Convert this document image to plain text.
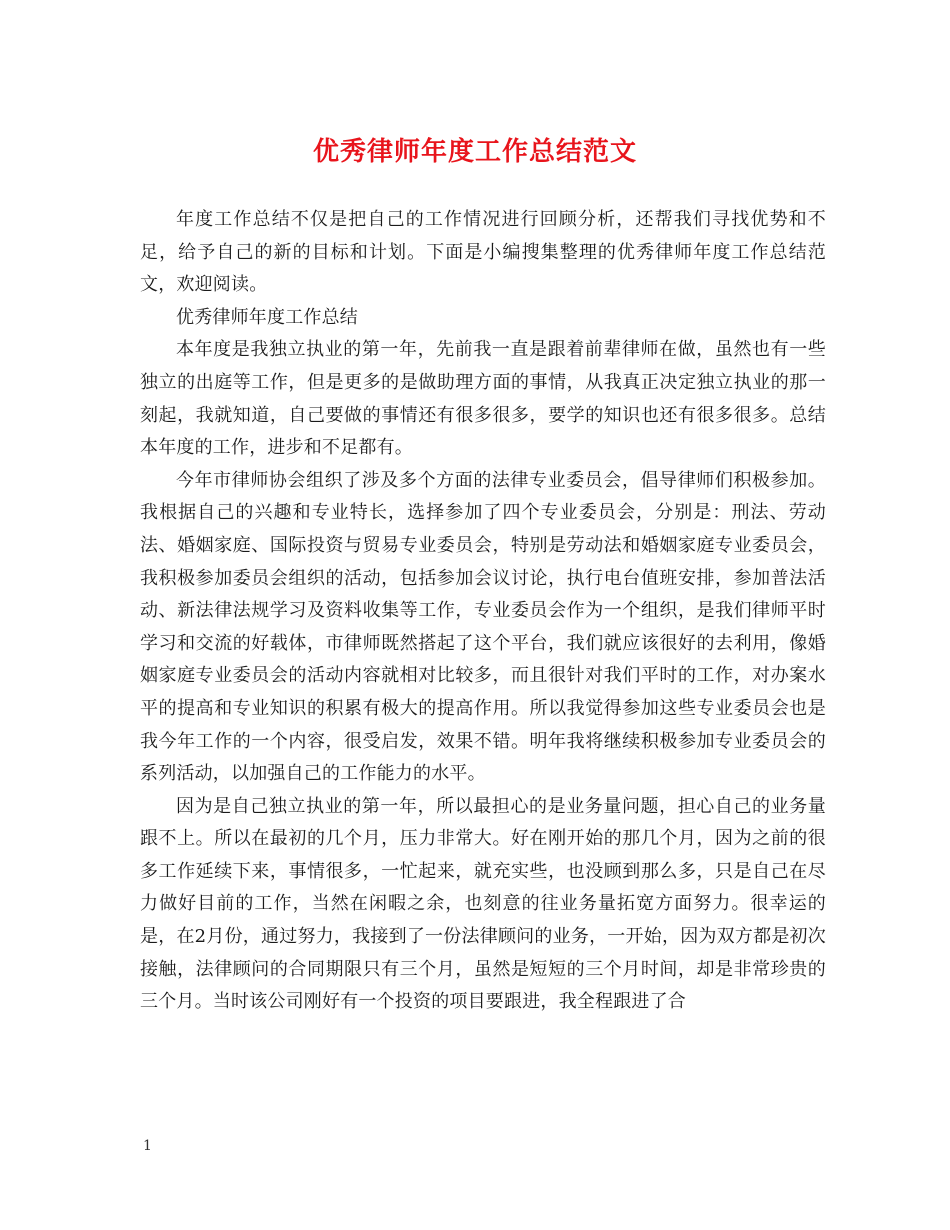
优秀律师年度工作总结范文

年度工作总结不仅是把自己的工作情况进行回顾分析，还帮我们寻找优势和不足，给予自己的新的目标和计划。下面是小编搜集整理的优秀律师年度工作总结范文，欢迎阅读。

优秀律师年度工作总结

本年度是我独立执业的第一年，先前我一直是跟着前辈律师在做，虽然也有一些独立的出庭等工作，但是更多的是做助理方面的事情，从我真正决定独立执业的那一刻起，我就知道，自己要做的事情还有很多很多，要学的知识也还有很多很多。总结本年度的工作，进步和不足都有。

今年市律师协会组织了涉及多个方面的法律专业委员会，倡导律师们积极参加。我根据自己的兴趣和专业特长，选择参加了四个专业委员会，分别是：刑法、劳动法、婚姻家庭、国际投资与贸易专业委员会，特别是劳动法和婚姻家庭专业委员会，我积极参加委员会组织的活动，包括参加会议讨论，执行电台值班安排，参加普法活动、新法律法规学习及资料收集等工作，专业委员会作为一个组织，是我们律师平时学习和交流的好载体，市律师既然搭起了这个平台，我们就应该很好的去利用，像婚姻家庭专业委员会的活动内容就相对比较多，而且很针对我们平时的工作，对办案水平的提高和专业知识的积累有极大的提高作用。所以我觉得参加这些专业委员会也是我今年工作的一个内容，很受启发，效果不错。明年我将继续积极参加专业委员会的系列活动，以加强自己的工作能力的水平。

因为是自己独立执业的第一年，所以最担心的是业务量问题，担心自己的业务量跟不上。所以在最初的几个月，压力非常大。好在刚开始的那几个月，因为之前的很多工作延续下来，事情很多，一忙起来，就充实些，也没顾到那么多，只是自己在尽力做好目前的工作，当然在闲暇之余，也刻意的往业务量拓宽方面努力。很幸运的是，在2月份，通过努力，我接到了一份法律顾问的业务，一开始，因为双方都是初次接触，法律顾问的合同期限只有三个月，虽然是短短的三个月时间，却是非常珍贵的三个月。当时该公司刚好有一个投资的项目要跟进，我全程跟进了合

1
